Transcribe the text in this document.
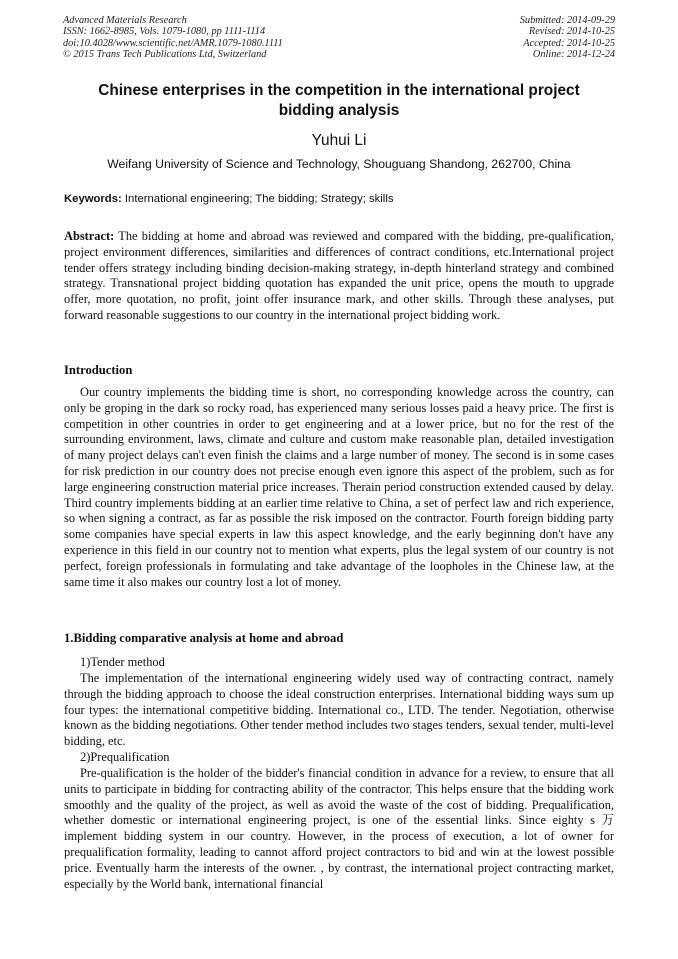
Advanced Materials Research
ISSN: 1662-8985, Vols. 1079-1080, pp 1111-1114
doi:10.4028/www.scientific.net/AMR.1079-1080.1111
© 2015 Trans Tech Publications Ltd, Switzerland
Submitted: 2014-09-29
Revised: 2014-10-25
Accepted: 2014-10-25
Online: 2014-12-24
Chinese enterprises in the competition in the international project bidding analysis
Yuhui Li
Weifang University of Science and Technology, Shouguang Shandong, 262700, China
Keywords: International engineering; The bidding; Strategy; skills

Abstract: The bidding at home and abroad was reviewed and compared with the bidding, pre-qualification, project environment differences, similarities and differences of contract conditions, etc.International project tender offers strategy including binding decision-making strategy, in-depth hinterland strategy and combined strategy. Transnational project bidding quotation has expanded the unit price, opens the mouth to upgrade offer, more quotation, no profit, joint offer insurance mark, and other skills. Through these analyses, put forward reasonable suggestions to our country in the international project bidding work.

Introduction

Our country implements the bidding time is short, no corresponding knowledge across the country, can only be groping in the dark so rocky road, has experienced many serious losses paid a heavy price. The first is competition in other countries in order to get engineering and at a lower price, but no for the rest of the surrounding environment, laws, climate and culture and custom make reasonable plan, detailed investigation of many project delays can't even finish the claims and a large number of money. The second is in some cases for risk prediction in our country does not precise enough even ignore this aspect of the problem, such as for large engineering construction material price increases. Therain period construction extended caused by delay. Third country implements bidding at an earlier time relative to China, a set of perfect law and rich experience, so when signing a contract, as far as possible the risk imposed on the contractor. Fourth foreign bidding party some companies have special experts in law this aspect knowledge, and the early beginning don't have any experience in this field in our country not to mention what experts, plus the legal system of our country is not perfect, foreign professionals in formulating and take advantage of the loopholes in the Chinese law, at the same time it also makes our country lost a lot of money.

1.Bidding comparative analysis at home and abroad
1)Tender method

The implementation of the international engineering widely used way of contracting contract, namely through the bidding approach to choose the ideal construction enterprises. International bidding ways sum up four types: the international competitive bidding. International co., LTD. The tender. Negotiation, otherwise known as the bidding negotiations. Other tender method includes two stages tenders, sexual tender, multi-level bidding, etc.

2)Prequalification

Pre-qualification is the holder of the bidder's financial condition in advance for a review, to ensure that all units to participate in bidding for contracting ability of the contractor. This helps ensure that the bidding work smoothly and the quality of the project, as well as avoid the waste of the cost of bidding. Prequalification, whether domestic or international engineering project, is one of the essential links. Since eighty s 万 implement bidding system in our country. However, in the process of execution, a lot of owner for prequalification formality, leading to cannot afford project contractors to bid and win at the lowest possible price. Eventually harm the interests of the owner. , by contrast, the international project contracting market, especially by the World bank, international financial
